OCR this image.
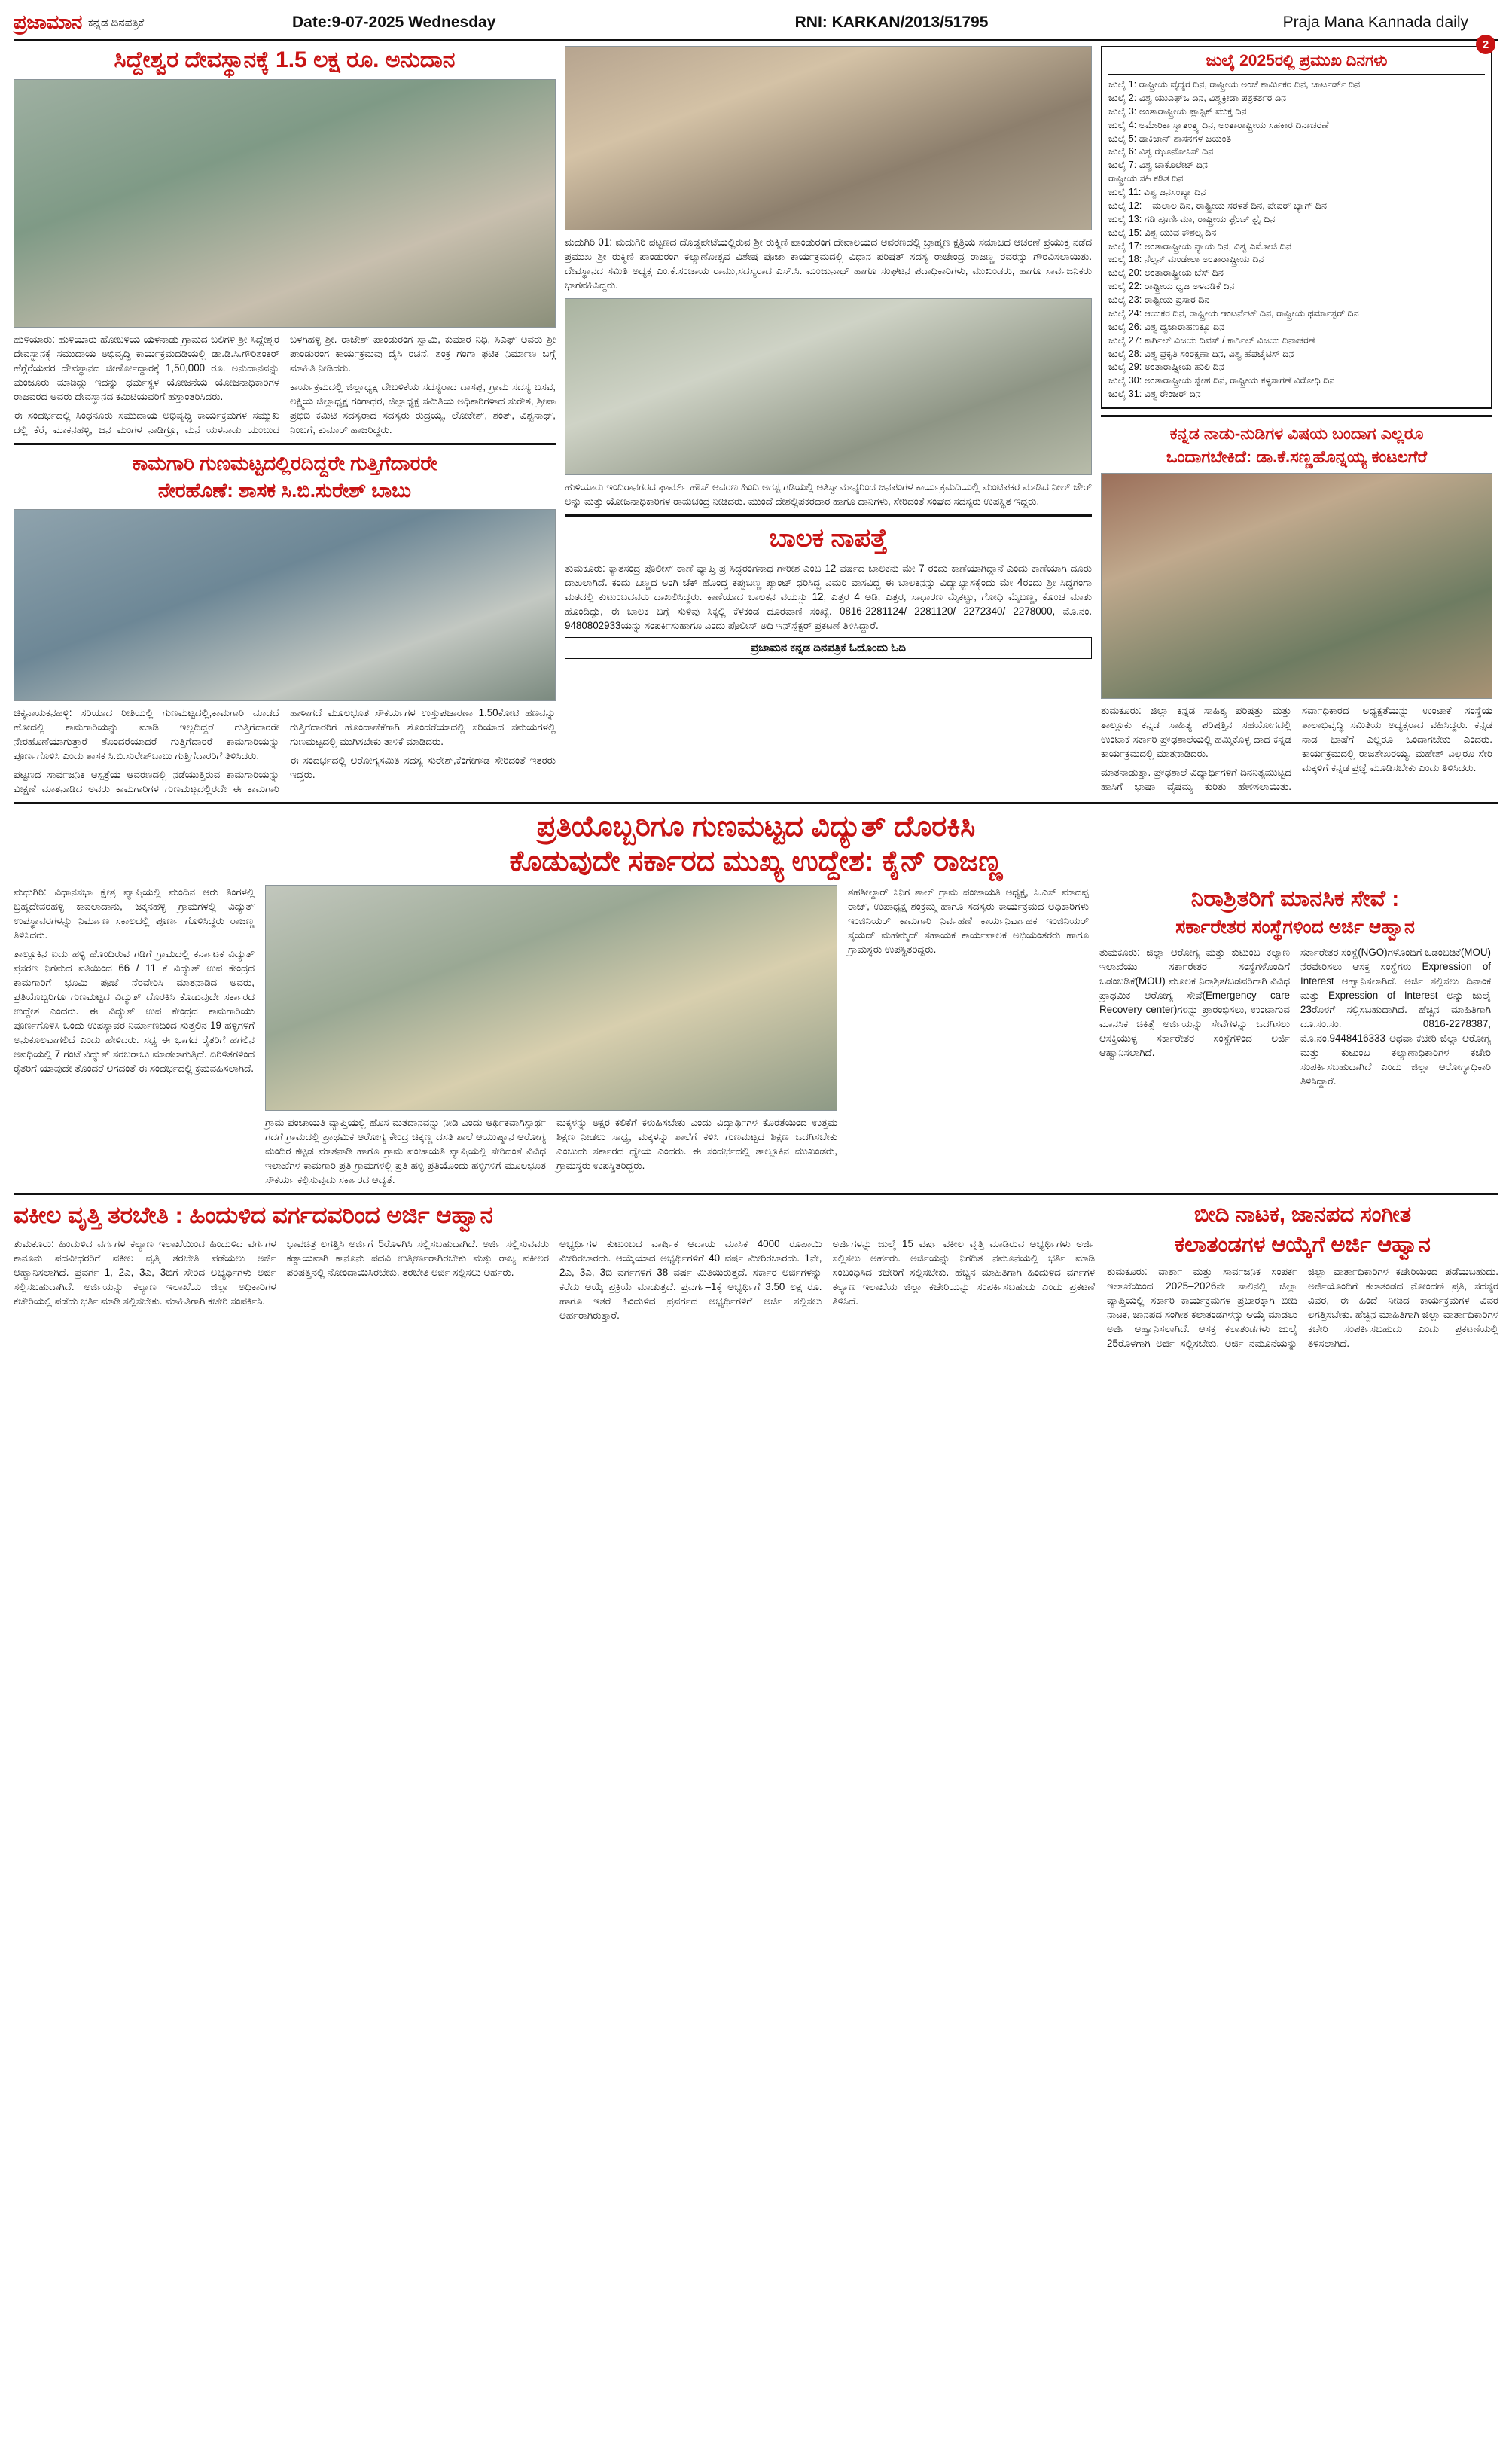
ಪ್ರಜಾಮಾನ ಕನ್ನಡ ದಿನಪತ್ರಿಕೆ	Date:9-07-2025 Wednesday	RNI: KARKAN/2013/51795	Praja Mana Kannada daily
2
ಸಿದ್ದೇಶ್ವರ ದೇವಸ್ಥಾನಕ್ಕೆ 1.5 ಲಕ್ಷ ರೂ. ಅನುದಾನ
ಹುಳಿಯಾರು: ಹುಳಿಯಾರು ಹೋಬಳಿಯ ಯಳನಾಡು ಗ್ರಾಮದ ಬಲಿಗಳಿ ಶ್ರೀ ಸಿದ್ದೇಶ್ವರ ದೇವಸ್ಥಾನಕ್ಕೆ ಸಮುದಾಯ ಅಭಿವೃದ್ಧಿ ಕಾರ್ಯಕ್ರಮದಡಿಯಲ್ಲಿ ಡಾ.ಡಿ.ಸಿ.ಗೌರಿಶಂಕರ್ ಹೆಗ್ಗೆರೆಯವರ ದೇವಸ್ಥಾನದ ಜೀರ್ಣೋದ್ಧಾರಕ್ಕೆ 1,50,000 ರೂ. ಅನುದಾನವನ್ನು ಮಂಜೂರು ಮಾಡಿದ್ದು ಇದನ್ನು ಧರ್ಮಸ್ಥಳ ಯೋಜನೆಯ ಯೋಜನಾಧಿಕಾರಿಗಳ ರಾಜವರದ ಅವರು ದೇವಸ್ಥಾನದ ಕಮಿಟಿಯವರಿಗೆ ಹಸ್ತಾಂತರಿಸಿದರು.
ಈ ಸಂದರ್ಭದಲ್ಲಿ ಸಿಂಧನೂರು ಸಮುದಾಯ ಅಭಿವೃದ್ಧಿ ಕಾರ್ಯಕ್ರಮಗಳ ಸಮ್ಮುಖ ದಲ್ಲಿ ಕೆರೆ, ಮಾಕನಹಳ್ಳಿ, ಜನ ಮಂಗಳ ನಾಡಿಗ್ರೂ, ಮನೆ ಯಳನಾಡು ಯಂಬುದ ಬಳಗಿಹಳ್ಳಿ ಶ್ರೀ. ರಾಜೇಶ್ ಪಾಂಡುರಂಗ ಸ್ವಾಮಿ, ಕುಮಾರ ನಿಧಿ, ಸಿಎಫ್ ಅವರು ಶ್ರೀ ಪಾಂಡುರಂಗ ಕಾರ್ಯಕ್ರಮವು ದೈಸಿ ರಚನೆ, ಶಂಕ್ರ ಗಂಗಾ ಫಟಿಕ ನಿರ್ಮಾಣ ಬಗ್ಗೆ ಮಾಹಿತಿ ನೀಡಿದರು.
ಕಾರ್ಯಕ್ರಮದಲ್ಲಿ ಜಿಲ್ಲಾಧ್ಯಕ್ಷ ದೇಬಳಿಕೆಯ ಸದಸ್ಯರಾದ ದಾಸಪ್ಪ, ಗ್ರಾಮ ಸದಸ್ಯ ಬಸವ, ಲಕ್ಷ್ಮಿಯ ಜಿಲ್ಲಾಧ್ಯಕ್ಷ ಗಂಗಾಧರ, ಜಿಲ್ಲಾಧ್ಯಕ್ಷ ಸಮಿತಿಯ ಅಧಿಕಾರಿಗಳಾದ ಸುರೇಶ, ಶ್ರೀಪಾ ಪ್ರಭಿಬಿ ಕಮಿಟಿ ಸದಸ್ಯರಾದ ಸದಸ್ಯರು ರುದ್ರಯ್ಯ, ಲೋಕೇಶ್, ಶಂತ್, ವಿಶ್ವನಾಥ್, ನಿಂಬಗೆ, ಕುಮಾರ್ ಹಾಜರಿದ್ದರು.
ಕಾಮಗಾರಿ ಗುಣಮಟ್ಟದಲ್ಲಿರದಿದ್ದರೇ ಗುತ್ತಿಗೆದಾರರೇ
ನೇರಹೊಣೆ: ಶಾಸಕ ಸಿ.ಬಿ.ಸುರೇಶ್ ಬಾಬು
ಚಿಕ್ಕನಾಯಕನಹಳ್ಳಿ: ಸರಿಯಾದ ರೀತಿಯಲ್ಲಿ ಗುಣಮಟ್ಟದಲ್ಲಿ,ಕಾಮಗಾರಿ ಮಾಡದೆ ಹೋದಲ್ಲಿ ಕಾಮಗಾರಿಯನ್ನು ಮಾಡಿ ಇಲ್ಲದಿದ್ದರೆ ಗುತ್ತಿಗೆದಾರರೇ ನೇರಹೊಣೆಯಾಗುತ್ತಾರೆ ಶೊಂದರೆಯಾದರೆ ಗುತ್ತಿಗೆದಾರರೆ ಕಾಮಗಾರಿಯನ್ನು ಪೂರ್ಣಗೊಳಿಸಿ ಎಂದು ಶಾಸಕ ಸಿ.ಬಿ.ಸುರೇಶ್‌ಬಾಬು ಗುತ್ತಿಗೆದಾರರಿಗೆ ತಿಳಿಸಿದರು.
ಪಟ್ಟಣದ ಸಾರ್ವಜನಿಕ ಆಸ್ಪತ್ರೆಯ ಆವರಣದಲ್ಲಿ ನಡೆಯುತ್ತಿರುವ ಕಾಮಗಾರಿಯನ್ನು ವೀಕ್ಷಣೆ ಮಾತನಾಡಿದ ಅವರು ಕಾಮಗಾರಿಗಳ ಗುಣಮಟ್ಟದಲ್ಲಿರದೇ ಈ ಕಾಮಗಾರಿ ಹಾಳಾಗದೆ ಮೂಲಭೂತ ಸೌಕರ್ಯಗಳ ಉಸ್ತುಪಚಾರಣಾ 1.50ಕೋಟಿ ಹಣವನ್ನು ಗುತ್ತಿಗೆದಾರರಿಗೆ ಹೊಂದಾಣಿಕೆಗಾಗಿ ಶೊಂದರೆಯಾದಲ್ಲಿ ಸರಿಯಾದ ಸಮಯಗಳಲ್ಲಿ ಗುಣಮಟ್ಟದಲ್ಲಿ ಮುಗಿಸಬೇಕು ತಾಳಿಕೆ ಮಾಡಿದರು.
ಈ ಸಂದರ್ಭದಲ್ಲಿ ಆರೋಗ್ಯಸಮಿತಿ ಸದಸ್ಯ ಸುರೇಶ್,ಕೆಂಗೇಗೌಡ ಸೇರಿದಂತೆ ಇತರರು ಇದ್ದರು.
ಮದುಗಿರಿ 01: ಮದುಗಿರಿ ಪಟ್ಟಣದ ದೊಡ್ಡಪೇಟೆಯಲ್ಲಿರುವ ಶ್ರೀ ರುಕ್ಮಿಣಿ ಪಾಂಡುರಂಗ ದೇವಾಲಯದ ಆವರಣದಲ್ಲಿ ಬ್ರಾಹ್ಮಣ ಕ್ಷತ್ರಿಯ ಸಮಾಜದ ಆಚರಣೆ ಪ್ರಯುಕ್ತ ನಡೆದ ಪ್ರಮುಖ ಶ್ರೀ ರುಕ್ಮಿಣಿ ಪಾಂಡುರಂಗ ಕಲ್ಯಾಣೋತ್ಸವ ವಿಶೇಷ ಪೂಜಾ ಕಾರ್ಯಕ್ರಮದಲ್ಲಿ ವಿಧಾನ ಪರಿಷತ್ ಸದಸ್ಯ ರಾಜೇಂದ್ರ ರಾಜಣ್ಣ ರವರನ್ನು ಗೌರವಿಸಲಾಯಿತು. ದೇವಸ್ಥಾನದ ಸಮಿತಿ ಅಧ್ಯಕ್ಷ ಎಂ.ಕೆ.ಸಂಜಾಯ ರಾಮು,ಸದಸ್ಯರಾದ ಎಸ್.ಸಿ. ಮಂಜುನಾಥ್ ಹಾಗೂ ಸಂಘಟನ ಪದಾಧಿಕಾರಿಗಳು, ಮುಖಂಡರು, ಹಾಗೂ ಸಾರ್ವಜನಿಕರು ಭಾಗವಹಿಸಿದ್ದರು.
ಹುಳಿಯಾರು ಇಂದಿರಾನಗರದ ಫಾರ್ಮ್ ಹೌಸ್ ಆವರಣ ಹಿಂದಿ ಅಗಸ್ಟ ಗಡಿಯಲ್ಲಿ ಅತಿಸ್ವಾಮಾನ್ಯರಿಂದ ಜನಪಂಗಳ ಕಾರ್ಯಕ್ರಮದಿಯಲ್ಲಿ ಮಂಟಿಪಕರ ಮಾಡಿದ ನೀಲ್ ಜೇರ್ ಅನ್ನು ಮತ್ತು ಯೋಜನಾಧಿಕಾರಿಗಳ ರಾಮಚಂದ್ರ ನೀಡಿದರು. ಮುಂದೆ ದೇಶಲ್ಲಿಪಕರದಾರ ಹಾಗೂ ದಾನಿಗಳು, ಸೇರಿದಂತೆ ಸಂಘದ ಸದಸ್ಯರು ಉಪಸ್ಥಿತ ಇದ್ದರು.
ಬಾಲಕ ನಾಪತ್ತೆ
ತುಮಕೂರು: ಕ್ಯಾತಸಂದ್ರ ಪೊಲೀಸ್ ಠಾಣೆ ವ್ಯಾಪ್ತಿ ಪ್ರ ಸಿದ್ಧರಂಗನಾಥ ಗೌರೀಶ ಎಂಬ 12 ವರ್ಷದ ಬಾಲಕನು ಮೇ 7 ರಂದು ಕಾಣೆಯಾಗಿದ್ದಾನೆ ಎಂದು ಕಾಣೆಯಾಗಿ ದೂರು ದಾಖಲಾಗಿದೆ. ಕಂದು ಬಣ್ಣದ ಅಂಗಿ ಚೆಕ್ ಹೊಂದ್ದ ಕಪ್ಪುಬಣ್ಣ ಪ್ಯಾಂಟ್ ಧರಿಸಿದ್ದ ಎಮರಿ ವಾಸವಿದ್ದ ಈ ಬಾಲಕನನ್ನು ವಿದ್ಯಾಭ್ಯಾಸಕ್ಕೆಂದು ಮೇ 4ರಂದು ಶ್ರೀ ಸಿದ್ಧಗಂಗಾ ಮಠದಲ್ಲಿ ಕುಟುಂಬದವರು ದಾಖಲಿಸಿದ್ದರು. ಕಾಣೆಯಾದ ಬಾಲಕನ ವಯಸ್ಸು 12, ಎತ್ತರ 4 ಅಡಿ, ಎತ್ತರ, ಸಾಧಾರಣ ಮೈಕಟ್ಟು, ಗೋಧಿ ಮೈಬಣ್ಣ, ಕೊಂಚ ಮಾತು ಹೊಂದಿದ್ದು, ಈ ಬಾಲಕ ಬಗ್ಗೆ ಸುಳಿವು ಸಿಕ್ಕಲ್ಲಿ ಕೆಳಕಂಡ ದೂರವಾಣಿ ಸಂಖ್ಯೆ. 0816-2281124/ 2281120/ 2272340/ 2278000, ಮೊ.ನಂ. 9480802933ಯನ್ನು ಸಂಪರ್ಕಿಸುಹಾಗೂ ಎಂದು ಪೊಲೀಸ್ ಅಧಿ ಇನ್‌ಸ್ಪೆಕ್ಟರ್ ಪ್ರಕಟಣೆ ತಿಳಿಸಿದ್ದಾರೆ.
ಪ್ರಜಾಮನ ಕನ್ನಡ ದಿನಪತ್ರಿಕೆ ಓದೊಂದು ಓದಿ
ಜುಲೈ 2025ರಲ್ಲಿ ಪ್ರಮುಖ ದಿನಗಳು
ಜುಲೈ 1: ರಾಷ್ಟ್ರೀಯ ವೈದ್ಯರ ದಿನ, ರಾಷ್ಟ್ರೀಯ ಅಂಚೆ ಕಾರ್ಮಿಕರ ದಿನ, ಚಾರ್ಟರ್ಡ್ ದಿನ
ಜುಲೈ 2: ವಿಶ್ವ ಯುಎಫ್‌ಒ ದಿನ, ವಿಶ್ವಕ್ರೀಡಾ ಪತ್ರಕರ್ತರ ದಿನ
ಜುಲೈ 3: ಅಂತಾರಾಷ್ಟ್ರೀಯ ಪ್ಲಾಸ್ಟಿಕ್ ಮುಕ್ತ ದಿನ
ಜುಲೈ 4: ಅಮೇರಿಕಾ ಸ್ವಾತಂತ್ರ್ಯ ದಿನ, ಅಂತಾರಾಷ್ಟ್ರೀಯ ಸಹಕಾರ ದಿನಾಚರಣೆ
ಜುಲೈ 5: ಡಾಕಿಜಾನ್ ಶಾಸನಗಳ ಜಯಂತಿ
ಜುಲೈ 6: ವಿಶ್ವ ಝೂನೋಸಿಸ್ ದಿನ
ಜುಲೈ 7: ವಿಶ್ವ ಚಾಕೊಲೇಟ್ ದಿನ
ರಾಷ್ಟ್ರೀಯ ಸಹಿ ಕಡಿತ ದಿನ
ಜುಲೈ 11: ವಿಶ್ವ ಜನಸಂಖ್ಯಾ ದಿನ
ಜುಲೈ 12: – ಮಲಾಲ ದಿನ, ರಾಷ್ಟ್ರೀಯ ಸರಳತೆ ದಿನ, ಪೇಪರ್ ಬ್ಯಾಗ್ ದಿನ
ಜುಲೈ 13: ಗಡಿ ಪೂರ್ಣಿಮಾ, ರಾಷ್ಟ್ರೀಯ ಫ್ರೆಂಚ್ ಫ್ರೈ ದಿನ
ಜುಲೈ 15: ವಿಶ್ವ ಯುವ ಕೌಶಲ್ಯ ದಿನ
ಜುಲೈ 17: ಅಂತಾರಾಷ್ಟ್ರೀಯ ನ್ಯಾಯ ದಿನ, ವಿಶ್ವ ಎಮೋಜಿ ದಿನ
ಜುಲೈ 18: ನೆಲ್ಸನ್ ಮಂಡೇಲಾ ಅಂತಾರಾಷ್ಟ್ರೀಯ ದಿನ
ಜುಲೈ 20: ಅಂತಾರಾಷ್ಟ್ರೀಯ ಚೆಸ್ ದಿನ
ಜುಲೈ 22: ರಾಷ್ಟ್ರೀಯ ಧ್ವಜ ಅಳವಡಿಕೆ ದಿನ
ಜುಲೈ 23: ರಾಷ್ಟ್ರೀಯ ಪ್ರಸಾರ ದಿನ
ಜುಲೈ 24: ಆಯಕರ ದಿನ, ರಾಷ್ಟ್ರೀಯ ಇಂಟರ್ನೆಟ್ ದಿನ, ರಾಷ್ಟ್ರೀಯ ಥರ್ಮಾಸ್ಟರ್ ದಿನ
ಜುಲೈ 26: ವಿಶ್ವ ಧ್ವಜಾರಾಹಣಕ್ಕೂ ದಿನ
ಜುಲೈ 27: ಕಾರ್ಗಿಲ್ ವಿಜಯ ದಿವಸ್ / ಕಾರ್ಗಿಲ್ ವಿಜಯ ದಿನಾಚರಣೆ
ಜುಲೈ 28: ವಿಶ್ವ ಪ್ರಕೃತಿ ಸಂರಕ್ಷಣಾ ದಿನ, ವಿಶ್ವ ಹೆಪಟೈಟಿಸ್ ದಿನ
ಜುಲೈ 29: ಅಂತಾರಾಷ್ಟ್ರೀಯ ಹುಲಿ ದಿನ
ಜುಲೈ 30: ಅಂತಾರಾಷ್ಟ್ರೀಯ ಸ್ನೇಹ ದಿನ, ರಾಷ್ಟ್ರೀಯ ಕಳ್ಳಸಾಗಣೆ ವಿರೋಧಿ ದಿನ
ಜುಲೈ 31: ವಿಶ್ವ ರೇಂಜರ್ ದಿನ
ಕನ್ನಡ ನಾಡು-ನುಡಿಗಳ ವಿಷಯ ಬಂದಾಗ ಎಲ್ಲರೂ
ಒಂದಾಗಬೇಕಿದೆ: ಡಾ.ಕೆ.ಸಣ್ಣಹೊನ್ನಯ್ಯ ಕಂಟಲಗೆರೆ
ತುಮಕೂರು: ಜಿಲ್ಲಾ ಕನ್ನಡ ಸಾಹಿತ್ಯ ಪರಿಷತ್ತು ಮತ್ತು ತಾಲ್ಲೂಕು ಕನ್ನಡ ಸಾಹಿತ್ಯ ಪರಿಷತ್ತಿನ ಸಹಯೋಗದಲ್ಲಿ ಉಂಟಾಕೆ ಸರ್ಕಾರಿ ಪ್ರೌಢಶಾಲೆಯಲ್ಲಿ ಹಮ್ಮಿಕೊಳ್ಳ ದಾದ ಕನ್ನಡ ಕಾರ್ಯಕ್ರಮದಲ್ಲಿ ಮಾತನಾಡಿದರು.
ಮಾತನಾಡುತ್ತಾ. ಪ್ರೌಢಶಾಲೆ ವಿದ್ಯಾರ್ಥಿಗಳಿಗೆ ದಿನನಿತ್ಯಮುಟ್ಟದ ಹಾಸಿಗೆ ಭಾಷಾ ವೈಷಮ್ಯ ಕುರಿತು ಹೇಳಿಸಲಾಯಿತು. ಸರ್ವಾಧಿಕಾರದ ಅಧ್ಯಕ್ಷತೆಯನ್ನು ಉಂಟಾಕೆ ಸಂಸ್ಥೆಯ ಶಾಲಾಭಿವೃದ್ಧಿ ಸಮಿತಿಯ ಅಧ್ಯಕ್ಷರಾದ ವಹಿಸಿದ್ದರು. ಕನ್ನಡ ನಾಡ ಭಾಷೆಗೆ ಎಲ್ಲರೂ ಒಂದಾಗಬೇಕು ಎಂದರು. ಕಾರ್ಯಕ್ರಮದಲ್ಲಿ ರಾಜಶೇಖರಯ್ಯ, ಮಹೇಶ್ ಎಲ್ಲರೂ ಸೇರಿ ಮಕ್ಕಳಿಗೆ ಕನ್ನಡ ಪ್ರಜ್ಞೆ ಮೂಡಿಸಬೇಕು ಎಂದು ತಿಳಿಸಿದರು.
ಪ್ರತಿಯೊಬ್ಬರಿಗೂ ಗುಣಮಟ್ಟದ ವಿದ್ಯುತ್ ದೊರಕಿಸಿ
ಕೊಡುವುದೇ ಸರ್ಕಾರದ ಮುಖ್ಯ ಉದ್ದೇಶ: ಕೈನ್ ರಾಜಣ್ಣ
ಮಧುಗಿರಿ: ವಿಧಾನಸಭಾ ಕ್ಷೇತ್ರ ವ್ಯಾಪ್ತಿಯಲ್ಲಿ ಮಂದಿನ ಆರು ತಿಂಗಳಲ್ಲಿ ಬ್ರಹ್ಮದೇವರಹಳ್ಳಿ ಕಾವಲಾದಾನು, ಜಕ್ಕನಹಳ್ಳಿ ಗ್ರಾಮಗಳಲ್ಲಿ ವಿದ್ಯುತ್ ಉಪಸ್ಥಾವರಗಳನ್ನು ನಿರ್ಮಾಣ ಸಕಾಲದಲ್ಲಿ ಪೂರ್ಣ ಗೊಳಿಸಿದ್ದರು ರಾಜಣ್ಣ ತಿಳಿಸಿದರು.
ತಾಲ್ಲೂಕಿನ ಐದು ಹಳ್ಳಿ ಹೊಂದಿರುವ ಗಡಿಗೆ ಗ್ರಾಮದಲ್ಲಿ ಕರ್ನಾಟಕ ವಿದ್ಯುತ್ ಪ್ರಸರಣ ನಿಗಮದ ವತಿಯಿಂದ 66 / 11 ಕೆ ವಿದ್ಯುತ್ ಉಪ ಕೇಂದ್ರದ ಕಾಮಗಾರಿಗೆ ಭೂಮಿ ಪೂಜೆ ನೆರವೇರಿಸಿ ಮಾತನಾಡಿದ ಅವರು, ಪ್ರತಿಯೊಬ್ಬರಿಗೂ ಗುಣಮಟ್ಟದ ವಿದ್ಯುತ್ ದೊರಕಿಸಿ ಕೊಡುವುದೇ ಸರ್ಕಾರದ ಉದ್ದೇಶ ಎಂದರು. ಈ ವಿದ್ಯುತ್ ಉಪ ಕೇಂದ್ರದ ಕಾಮಗಾರಿಯು ಪೂರ್ಣಗೊಳಿಸಿ ಒಂದು ಉಪಸ್ಥಾವರ ನಿರ್ಮಾಣದಿಂದ ಸುತ್ತಲಿನ 19 ಹಳ್ಳಿಗಳಿಗೆ ಅನುಕೂಲವಾಗಲಿದೆ ಎಂದು ಹೇಳಿದರು. ಸಧ್ಯ ಈ ಭಾಗದ ರೈತರಿಗೆ ಹಗಲಿನ ಅವಧಿಯಲ್ಲಿ 7 ಗಂಟೆ ವಿದ್ಯುತ್ ಸರಬರಾಜು ಮಾಡಲಾಗುತ್ತಿದೆ. ಏರಿಳಿತಗಳಿಂದ ರೈತರಿಗೆ ಯಾವುದೇ ತೊಂದರೆ ಆಗದಂತೆ ಈ ಸಂದರ್ಭದಲ್ಲಿ ಕ್ರಮವಹಿಸಲಾಗಿದೆ.
ಗ್ರಾಮ ಪಂಚಾಯತಿ ವ್ಯಾಪ್ತಿಯಲ್ಲಿ ಹೊಸ ಮತದಾನವನ್ನು ನೀಡಿ ಎಂದು ಆರ್ಥಿಕವಾಗಿಸ್ಪಾರ್ಥ ಗದಗೆ ಗ್ರಾಮದಲ್ಲಿ ಪ್ರಾಥಮಿಕ ಆರೋಗ್ಯ ಕೇಂದ್ರ ಚಿಕ್ಕಣ್ಣ ದಸತಿ ಶಾಲೆ ಆಯುಷ್ಮಾನ ಆರೋಗ್ಯ ಮಂದಿರ ಕಟ್ಟಡ ಮಾತನಾಡಿ ಹಾಗೂ ಗ್ರಾಮ ಪಂಚಾಯತಿ ವ್ಯಾಪ್ತಿಯಲ್ಲಿ ಸೇರಿದಂತೆ ವಿವಿಧ ಇಲಾಖೆಗಳ ಕಾಮಗಾರಿ ಪ್ರತಿ ಗ್ರಾಮಗಳಲ್ಲಿ ಪ್ರತಿ ಹಳ್ಳಿ ಪ್ರತಿಯೊಂದು ಹಳ್ಳಿಗಳಿಗೆ ಮೂಲಭೂತ ಸೌಕರ್ಯ ಕಲ್ಪಿಸುವುದು ಸರ್ಕಾರದ ಆದ್ಯತೆ.
ಮಕ್ಕಳನ್ನು ಅಕ್ಷರ ಕಲಿಕೆಗೆ ಕಳುಹಿಸಬೇಕು ಎಂದು ವಿದ್ಯಾರ್ಥಿಗಳ ಕೊರತೆಯಿಂದ ಉತ್ತಮ ಶಿಕ್ಷಣ ನೀಡಲು ಸಾಧ್ಯ, ಮಕ್ಕಳನ್ನು ಶಾಲೆಗೆ ಕಳಿಸಿ ಗುಣಮಟ್ಟದ ಶಿಕ್ಷಣ ಒದಗಿಸಬೇಕು ಎಂಬುದು ಸರ್ಕಾರದ ಧ್ಯೇಯ ಎಂದರು. ಈ ಸಂದರ್ಭದಲ್ಲಿ ತಾಲ್ಲೂಕಿನ ಮುಖಂಡರು, ಗ್ರಾಮಸ್ಥರು ಉಪಸ್ಥಿತರಿದ್ದರು.
ತಹಶೀಲ್ದಾರ್ ಸಿನಿಗ ತಾಲ್ ಗ್ರಾಮ ಪಂಚಾಯತಿ ಅಧ್ಯಕ್ಷ, ಸಿ.ಎಸ್ ಮಾದಪ್ಪ ರಾಜ್, ಉಪಾಧ್ಯಕ್ಷ ಶಂಕ್ರಮ್ಮ ಹಾಗೂ ಸದಸ್ಯರು ಕಾರ್ಯಕ್ರಮದ ಅಧಿಕಾರಿಗಳು ಇಂಜಿನಿಯರ್ ಕಾಮಗಾರಿ ನಿರ್ವಹಣೆ ಕಾರ್ಯನಿರ್ವಾಹಕ ಇಂಜಿನಿಯರ್ ಸೈಯದ್ ಮಹಮ್ಮದ್ ಸಹಾಯಕ ಕಾರ್ಯಪಾಲಕ ಅಭಿಯಂತರರು ಹಾಗೂ ಗ್ರಾಮಸ್ಥರು ಉಪಸ್ಥಿತರಿದ್ದರು.
ನಿರಾಶ್ರಿತರಿಗೆ ಮಾನಸಿಕ ಸೇವೆ :
ಸರ್ಕಾರೇತರ ಸಂಸ್ಥೆಗಳಿಂದ ಅರ್ಜಿ ಆಹ್ವಾನ
ತುಮಕೂರು: ಜಿಲ್ಲಾ ಆರೋಗ್ಯ ಮತ್ತು ಕುಟುಂಬ ಕಲ್ಯಾಣ ಇಲಾಖೆಯು ಸರ್ಕಾರೇತರ ಸಂಸ್ಥೆಗಳೊಂದಿಗೆ ಒಡಂಬಡಿಕೆ(MOU) ಮೂಲಕ ನಿರಾಶ್ರಿತ/ಬಡವರಿಗಾಗಿ ವಿವಿಧ ಪ್ರಾಥಮಿಕ ಆರೋಗ್ಯ ಸೇವೆ(Emergency care Recovery center)ಗಳನ್ನು ಪ್ರಾರಂಭಿಸಲು, ಉಂಟಾಗುವ ಮಾನಸಿಕ ಚಿಕಿತ್ಸೆ ಅರ್ಜಿಯನ್ನು ಸೇವೆಗಳನ್ನು ಒದಗಿಸಲು ಆಸಕ್ತಿಯುಳ್ಳ ಸರ್ಕಾರೇತರ ಸಂಸ್ಥೆಗಳಿಂದ ಅರ್ಜಿ ಆಹ್ವಾನಿಸಲಾಗಿದೆ.
ಸರ್ಕಾರೇತರ ಸಂಸ್ಥೆ(NGO)ಗಳೊಂದಿಗೆ ಒಡಂಬಡಿಕೆ(MOU) ನೆರವೇರಿಸಲು ಆಸಕ್ತ ಸಂಸ್ಥೆಗಳು Expression of Interest ಆಹ್ವಾನಿಸಲಾಗಿದೆ. ಅರ್ಜಿ ಸಲ್ಲಿಸಲು ದಿನಾಂಕ ಮತ್ತು Expression of Interest ಅನ್ನು ಜುಲೈ 23ರೊಳಗೆ ಸಲ್ಲಿಸಬಹುದಾಗಿದೆ. ಹೆಚ್ಚಿನ ಮಾಹಿತಿಗಾಗಿ ದೂ.ಸಂ.ಸಂ. 0816-2278387, ಮೊ.ನಂ.9448416333 ಅಥವಾ ಕಚೇರಿ ಜಿಲ್ಲಾ ಆರೋಗ್ಯ ಮತ್ತು ಕುಟುಂಬ ಕಲ್ಯಾಣಾಧಿಕಾರಿಗಳ ಕಚೇರಿ ಸಂಪರ್ಕಿಸಬಹುದಾಗಿದೆ ಎಂದು ಜಿಲ್ಲಾ ಆರೋಗ್ಯಾಧಿಕಾರಿ ತಿಳಿಸಿದ್ದಾರೆ.
ವಕೀಲ ವೃತ್ತಿ ತರಬೇತಿ : ಹಿಂದುಳಿದ ವರ್ಗದವರಿಂದ ಅರ್ಜಿ ಆಹ್ವಾನ
ತುಮಕೂರು: ಹಿಂದುಳಿದ ವರ್ಗಗಳ ಕಲ್ಯಾಣ ಇಲಾಖೆಯಿಂದ ಹಿಂದುಳಿದ ವರ್ಗಗಳ ಕಾನೂನು ಪದವೀಧರರಿಗೆ ವಕೀಲ ವೃತ್ತಿ ತರಬೇತಿ ಪಡೆಯಲು ಅರ್ಜಿ ಆಹ್ವಾನಿಸಲಾಗಿದೆ. ಪ್ರವರ್ಗ–1, 2ಎ, 3ಎ, 3ಬಿಗೆ ಸೇರಿದ ಅಭ್ಯರ್ಥಿಗಳು ಅರ್ಜಿ ಸಲ್ಲಿಸಬಹುದಾಗಿದೆ. ಅರ್ಜಿಯನ್ನು ಕಲ್ಯಾಣ ಇಲಾಖೆಯ ಜಿಲ್ಲಾ ಅಧಿಕಾರಿಗಳ ಕಚೇರಿಯಲ್ಲಿ ಪಡೆದು ಭರ್ತಿ ಮಾಡಿ ಸಲ್ಲಿಸಬೇಕು. ಮಾಹಿತಿಗಾಗಿ ಕಚೇರಿ ಸಂಪರ್ಕಿಸಿ.
ಭಾವಚಿತ್ರ ಲಗತ್ತಿಸಿ ಅರ್ಜಿಗೆ 5ರೊಳಗಿಸಿ ಸಲ್ಲಿಸಬಹುದಾಗಿದೆ. ಅರ್ಜಿ ಸಲ್ಲಿಸುವವರು ಕಡ್ಡಾಯವಾಗಿ ಕಾನೂನು ಪದವಿ ಉತ್ತೀರ್ಣರಾಗಿರಬೇಕು ಮತ್ತು ರಾಜ್ಯ ವಕೀಲರ ಪರಿಷತ್ತಿನಲ್ಲಿ ನೋಂದಾಯಿಸಿರಬೇಕು. ತರಬೇತಿ ಅರ್ಜಿ ಸಲ್ಲಿಸಲು ಅರ್ಹರು.
ಅಭ್ಯರ್ಥಿಗಳ ಕುಟುಂಬದ ವಾರ್ಷಿಕ ಆದಾಯ ಮಾಸಿಕ 4000 ರೂಪಾಯಿ ಮೀರಿರಬಾರದು. ಆಯ್ಕೆಯಾದ ಅಭ್ಯರ್ಥಿಗಳಿಗೆ 40 ವರ್ಷ ಮೀರಿರಬಾರದು. 1ನೇ, 2ಎ, 3ಎ, 3ಬಿ ವರ್ಗಗಳಿಗೆ 38 ವರ್ಷ ಮಿತಿಯಿರುತ್ತದೆ. ಸರ್ಕಾರ ಅರ್ಜಿಗಳನ್ನು ಕರೆದು ಆಯ್ಕೆ ಪ್ರಕ್ರಿಯೆ ಮಾಡುತ್ತದೆ. ಪ್ರವರ್ಗ–1ಕ್ಕೆ ಅಭ್ಯರ್ಥಿಗೆ 3.50 ಲಕ್ಷ ರೂ. ಹಾಗೂ ಇತರೆ ಹಿಂದುಳಿದ ಪ್ರವರ್ಗದ ಅಭ್ಯರ್ಥಿಗಳಿಗೆ ಅರ್ಜಿ ಸಲ್ಲಿಸಲು ಅರ್ಹರಾಗಿರುತ್ತಾರೆ.
ಅರ್ಜಿಗಳನ್ನು ಜುಲೈ 15 ವರ್ಷ ವಕೀಲ ವೃತ್ತಿ ಮಾಡಿರುವ ಅಭ್ಯರ್ಥಿಗಳು ಅರ್ಜಿ ಸಲ್ಲಿಸಲು ಅರ್ಹರು. ಅರ್ಜಿಯನ್ನು ನಿಗದಿತ ನಮೂನೆಯಲ್ಲಿ ಭರ್ತಿ ಮಾಡಿ ಸಂಬಂಧಿಸಿದ ಕಚೇರಿಗೆ ಸಲ್ಲಿಸಬೇಕು. ಹೆಚ್ಚಿನ ಮಾಹಿತಿಗಾಗಿ ಹಿಂದುಳಿದ ವರ್ಗಗಳ ಕಲ್ಯಾಣ ಇಲಾಖೆಯ ಜಿಲ್ಲಾ ಕಚೇರಿಯನ್ನು ಸಂಪರ್ಕಿಸಬಹುದು ಎಂದು ಪ್ರಕಟಣೆ ತಿಳಿಸಿದೆ.
ಬೀದಿ ನಾಟಕ, ಜಾನಪದ ಸಂಗೀತ
ಕಲಾತಂಡಗಳ ಆಯ್ಕೆಗೆ ಅರ್ಜಿ ಆಹ್ವಾನ
ತುಮಕೂರು: ವಾರ್ತಾ ಮತ್ತು ಸಾರ್ವಜನಿಕ ಸಂಪರ್ಕ ಇಲಾಖೆಯಿಂದ 2025–2026ನೇ ಸಾಲಿನಲ್ಲಿ ಜಿಲ್ಲಾ ವ್ಯಾಪ್ತಿಯಲ್ಲಿ ಸರ್ಕಾರಿ ಕಾರ್ಯಕ್ರಮಗಳ ಪ್ರಚಾರಕ್ಕಾಗಿ ಬೀದಿ ನಾಟಕ, ಜಾನಪದ ಸಂಗೀತ ಕಲಾತಂಡಗಳನ್ನು ಆಯ್ಕೆ ಮಾಡಲು ಅರ್ಜಿ ಆಹ್ವಾನಿಸಲಾಗಿದೆ. ಆಸಕ್ತ ಕಲಾತಂಡಗಳು ಜುಲೈ 25ರೊಳಗಾಗಿ ಅರ್ಜಿ ಸಲ್ಲಿಸಬೇಕು. ಅರ್ಜಿ ನಮೂನೆಯನ್ನು ಜಿಲ್ಲಾ ವಾರ್ತಾಧಿಕಾರಿಗಳ ಕಚೇರಿಯಿಂದ ಪಡೆಯಬಹುದು. ಅರ್ಜಿಯೊಂದಿಗೆ ಕಲಾತಂಡದ ನೋಂದಣಿ ಪ್ರತಿ, ಸದಸ್ಯರ ವಿವರ, ಈ ಹಿಂದೆ ನೀಡಿದ ಕಾರ್ಯಕ್ರಮಗಳ ವಿವರ ಲಗತ್ತಿಸಬೇಕು. ಹೆಚ್ಚಿನ ಮಾಹಿತಿಗಾಗಿ ಜಿಲ್ಲಾ ವಾರ್ತಾಧಿಕಾರಿಗಳ ಕಚೇರಿ ಸಂಪರ್ಕಿಸಬಹುದು ಎಂದು ಪ್ರಕಟಣೆಯಲ್ಲಿ ತಿಳಿಸಲಾಗಿದೆ.
